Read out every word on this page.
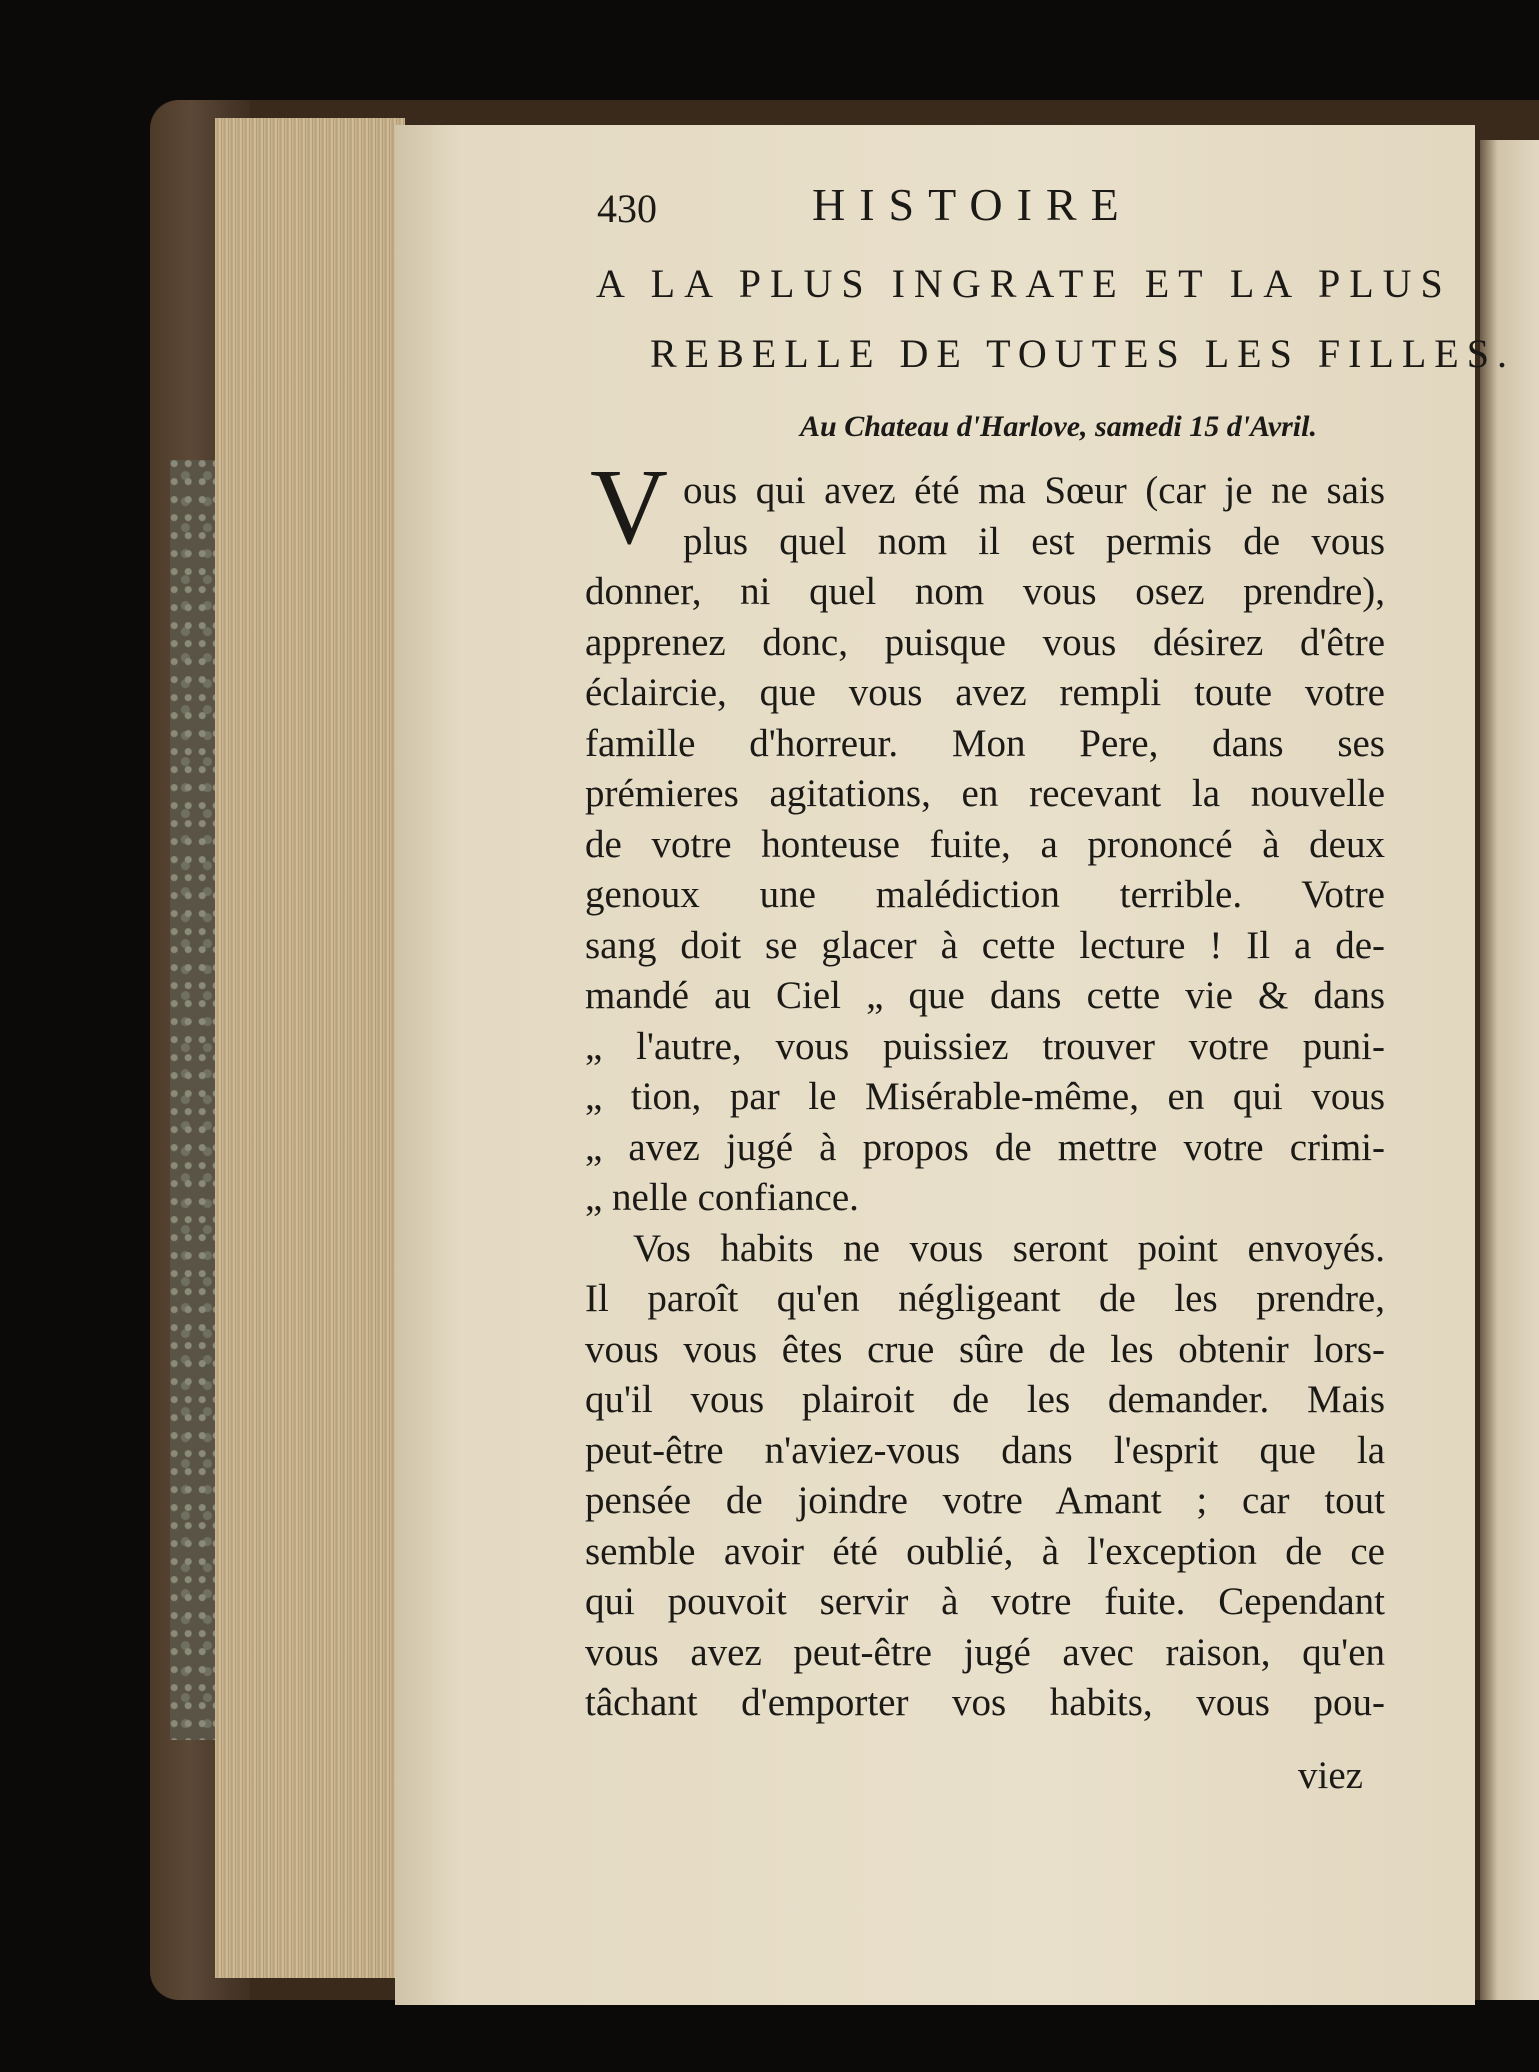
430	HISTOIRE
A LA PLUS INGRATE ET LA PLUS
REBELLE DE TOUTES LES FILLES.
Au Chateau d'Harlove, samedi 15 d'Avril.
V ous qui avez été ma Sœur (car je ne sais
plus quel nom il est permis de vous
donner, ni quel nom vous osez prendre),
apprenez donc, puisque vous désirez d'être
éclaircie, que vous avez rempli toute votre
famille d'horreur. Mon Pere, dans ses
prémieres agitations, en recevant la nouvelle
de votre honteuse fuite, a prononcé à deux
genoux une malédiction terrible. Votre
sang doit se glacer à cette lecture ! Il a de-
mandé au Ciel „ que dans cette vie & dans
„ l'autre, vous puissiez trouver votre puni-
„ tion, par le Misérable-même, en qui vous
„ avez jugé à propos de mettre votre crimi-
„ nelle confiance.
Vos habits ne vous seront point envoyés.
Il paroît qu'en négligeant de les prendre,
vous vous êtes crue sûre de les obtenir lors-
qu'il vous plairoit de les demander. Mais
peut-être n'aviez-vous dans l'esprit que la
pensée de joindre votre Amant ; car tout
semble avoir été oublié, à l'exception de ce
qui pouvoit servir à votre fuite. Cependant
vous avez peut-être jugé avec raison, qu'en
tâchant d'emporter vos habits, vous pou-
viez
